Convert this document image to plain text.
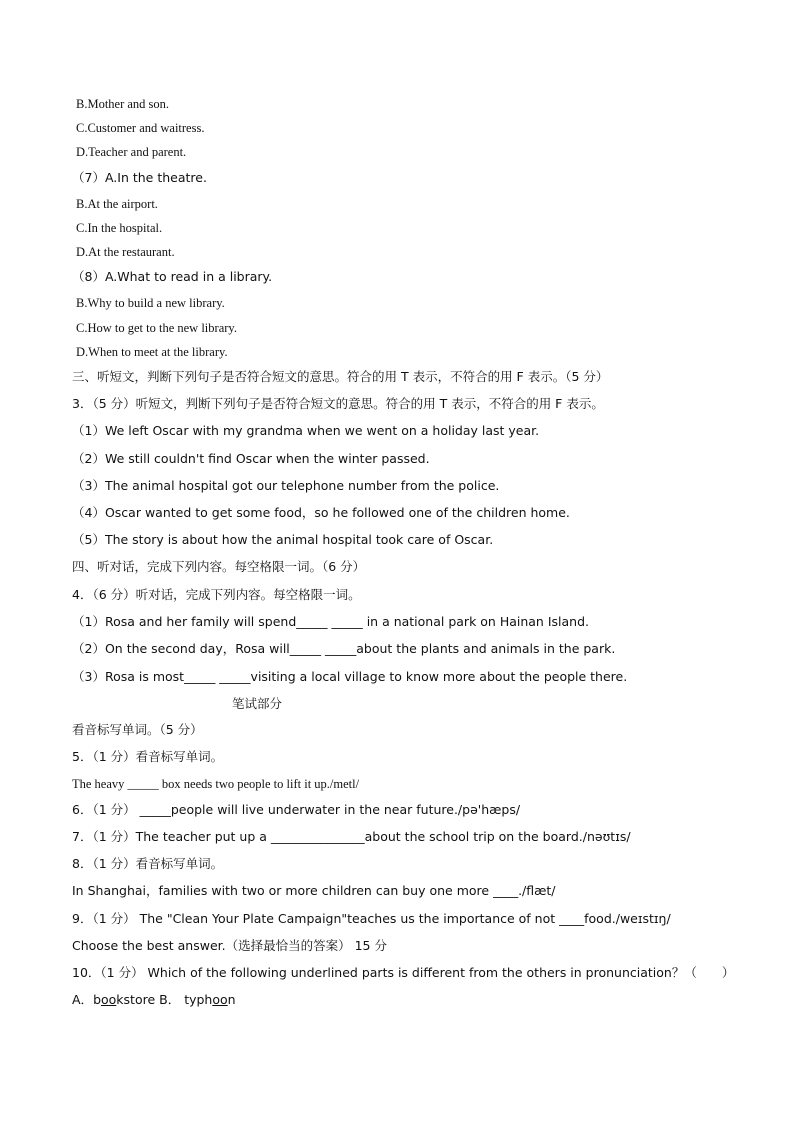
B.Mother and son.
C.Customer and waitress.
D.Teacher and parent.
（7）A.In the theatre.
B.At the airport.
C.In the hospital.
D.At the restaurant.
（8）A.What to read in a library.
B.Why to build a new library.
C.How to get to the new library.
D.When to meet at the library.
三、听短文，判断下列句子是否符合短文的意思。符合的用 T 表示，不符合的用 F 表示。（5 分）
3．（5 分）听短文，判断下列句子是否符合短文的意思。符合的用 T 表示，不符合的用 F 表示。
（1）We left Oscar with my grandma when we went on a holiday last year.
（2）We still couldn't find Oscar when the winter passed.
（3）The animal hospital got our telephone number from the police.
（4）Oscar wanted to get some food，so he followed one of the children home.
（5）The story is about how the animal hospital took care of Oscar.
四、听对话，完成下列内容。每空格限一词。（6 分）
4．（6 分）听对话，完成下列内容。每空格限一词。
（1）Rosa and her family will spend_____ _____ in a national park on Hainan Island.
（2）On the second day，Rosa will_____ _____about the plants and animals in the park.
（3）Rosa is most_____ _____visiting a local village to know more about the people there.
笔试部分
看音标写单词。（5 分）
5．（1 分）看音标写单词。
The heavy _____ box needs two people to lift it up./metl/
6．（1 分） _____people will live underwater in the near future./pə'hæps/
7．（1 分）The teacher put up a _______________about the school trip on the board./nəʊtɪs/
8．（1 分）看音标写单词。
In Shanghai，families with two or more children can buy one more ____./flæt/
9．（1 分） The "Clean Your Plate Campaign"teaches us the importance of not ____food./weɪstɪŋ/
Choose the best answer.（选择最恰当的答案） 15 分
10．（1 分） Which of the following underlined parts is different from the others in pronunciation？（　　）
A．bookstore B． typhoon
